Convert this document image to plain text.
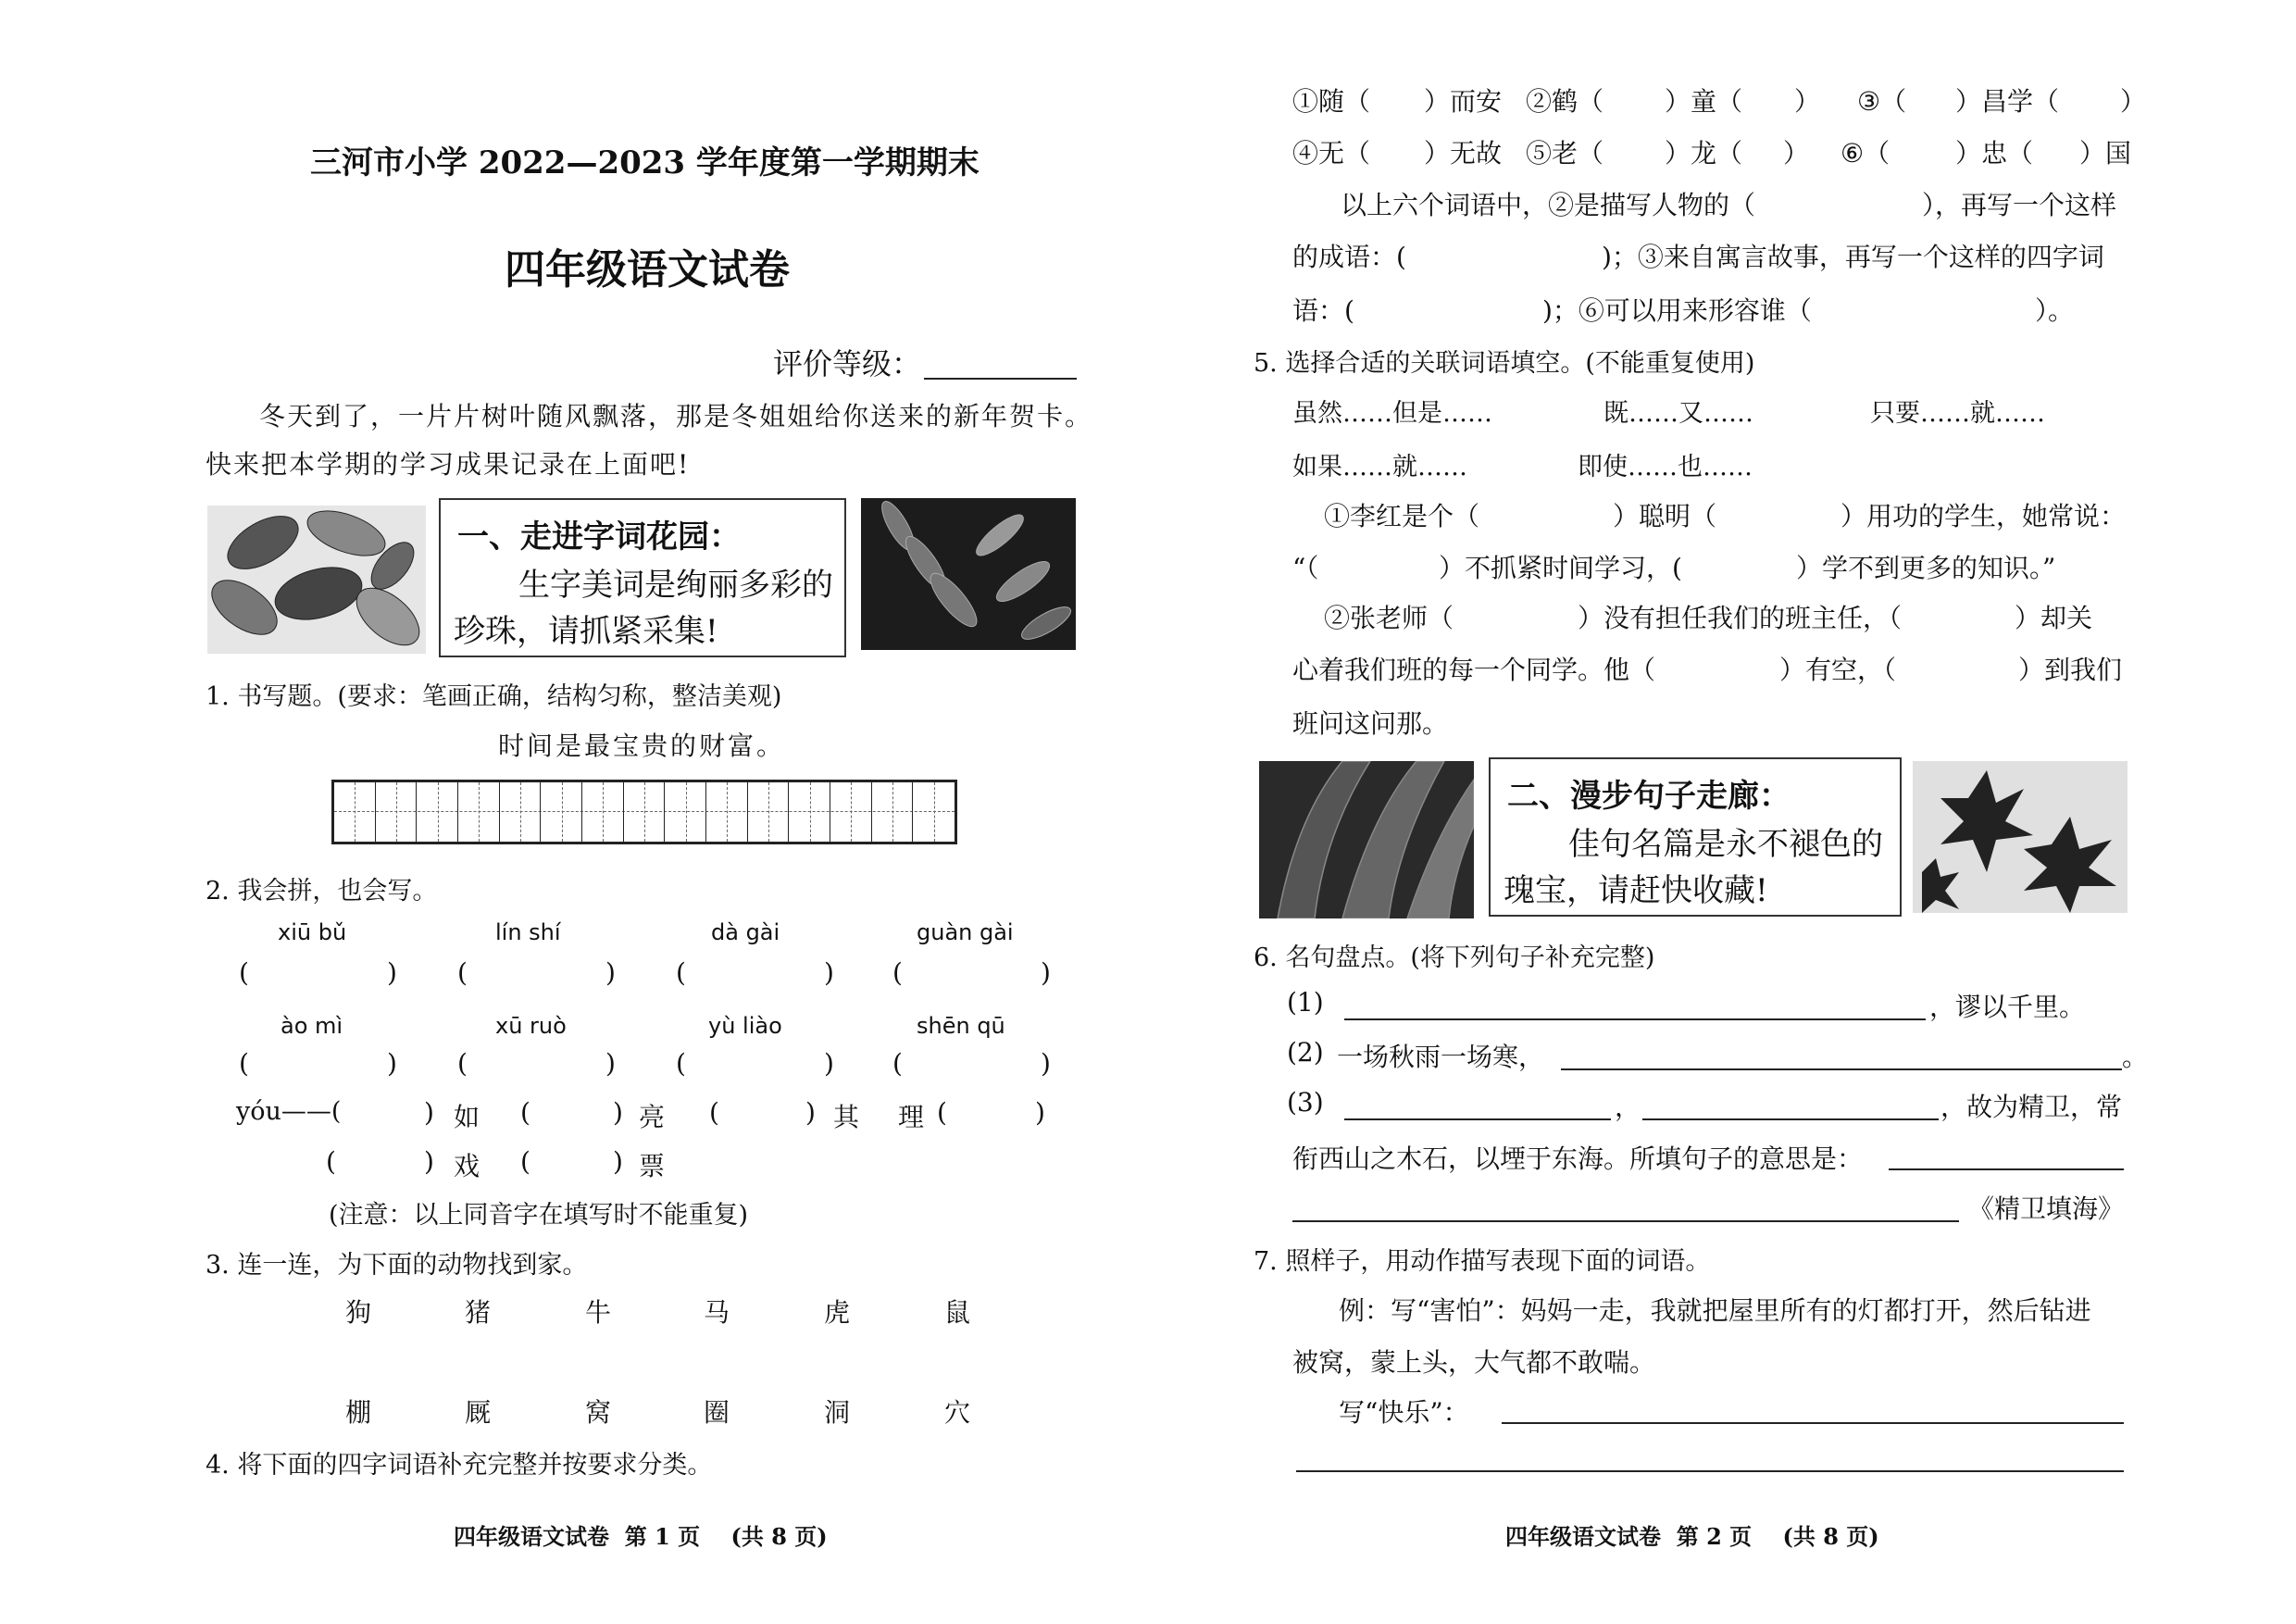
三河市小学 2022—2023 学年度第一学期期末
四年级语文试卷
评价等级：
冬天到了，一片片树叶随风飘落，那是冬姐姐给你送来的新年贺卡。
快来把本学期的学习成果记录在上面吧!
一、走进字词花园：
生字美词是绚丽多彩的
珍珠，请抓紧采集!
1. 书写题。(要求：笔画正确，结构匀称，整洁美观)
时间是最宝贵的财富。
2. 我会拼，也会写。
xiū bǔ	lín shí	dà gài	guàn gài
(	) (	) (	) (	)
ào mì	xū ruò	yù liào	shēn qū
(	) (	) (	) (	)
yóu——(	) 如 (	) 亮 (	) 其 理 (	)
(	) 戏 (	) 票
(注意：以上同音字在填写时不能重复)
3. 连一连，为下面的动物找到家。
狗	猪	牛	马	虎	鼠
棚	厩	窝	圈	洞	穴
4. 将下面的四字词语补充完整并按要求分类。
四年级语文试卷  第 1 页    (共 8 页)
①随（ ）而安 ②鹤（ ）童（ ） ③（ ）昌学（ ）
④无（ ）无故 ⑤老（ ）龙（ ） ⑥（	）忠（ ）国
以上六个词语中，②是描写人物的（	），再写一个这样
的成语：(	)；③来自寓言故事，再写一个这样的四字词
语：(	)；⑥可以用来形容谁（	）。
5. 选择合适的关联词语填空。(不能重复使用)
虽然……但是……	既……又……	只要……就……
如果……就……	即使……也……
①李红是个（	）聪明（	）用功的学生，她常说：
“（	）不抓紧时间学习，(	）学不到更多的知识。”
②张老师（	）没有担任我们的班主任，（	）却关
心着我们班的每一个同学。他（	）有空，（	）到我们
班问这问那。
二、漫步句子走廊：
佳句名篇是永不褪色的
瑰宝，请赶快收藏!
6. 名句盘点。(将下列句子补充完整)
(1)	，谬以千里。
(2) 一场秋雨一场寒，	。
(3)	，	，故为精卫，常
衔西山之木石，以堙于东海。所填句子的意思是：
《精卫填海》
7. 照样子，用动作描写表现下面的词语。
例：写“害怕”：妈妈一走，我就把屋里所有的灯都打开，然后钻进
被窝，蒙上头，大气都不敢喘。
写“快乐”：
四年级语文试卷  第 2 页    (共 8 页)
